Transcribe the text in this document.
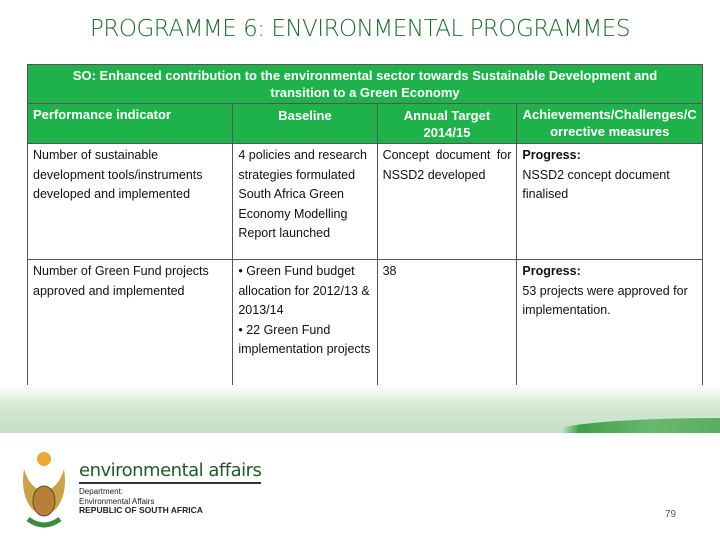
PROGRAMME 6: ENVIRONMENTAL PROGRAMMES
SO: Enhanced contribution to the environmental sector towards Sustainable Development and transition to a Green Economy			
Performance indicator	Baseline	Annual Target 2014/15	Achievements/Challenges/Corrective measures
Number of sustainable development tools/instruments developed and implemented	4 policies and research strategies formulated South Africa Green Economy Modelling Report launched	Concept document for NSSD2 developed	Progress:
NSSD2 concept document finalised
Number of Green Fund projects approved and implemented	• Green Fund budget allocation for 2012/13 & 2013/14
• 22 Green Fund implementation projects	38	Progress:
53 projects were approved for implementation.
environmental affairs
Department:
Environmental Affairs
REPUBLIC OF SOUTH AFRICA	79
